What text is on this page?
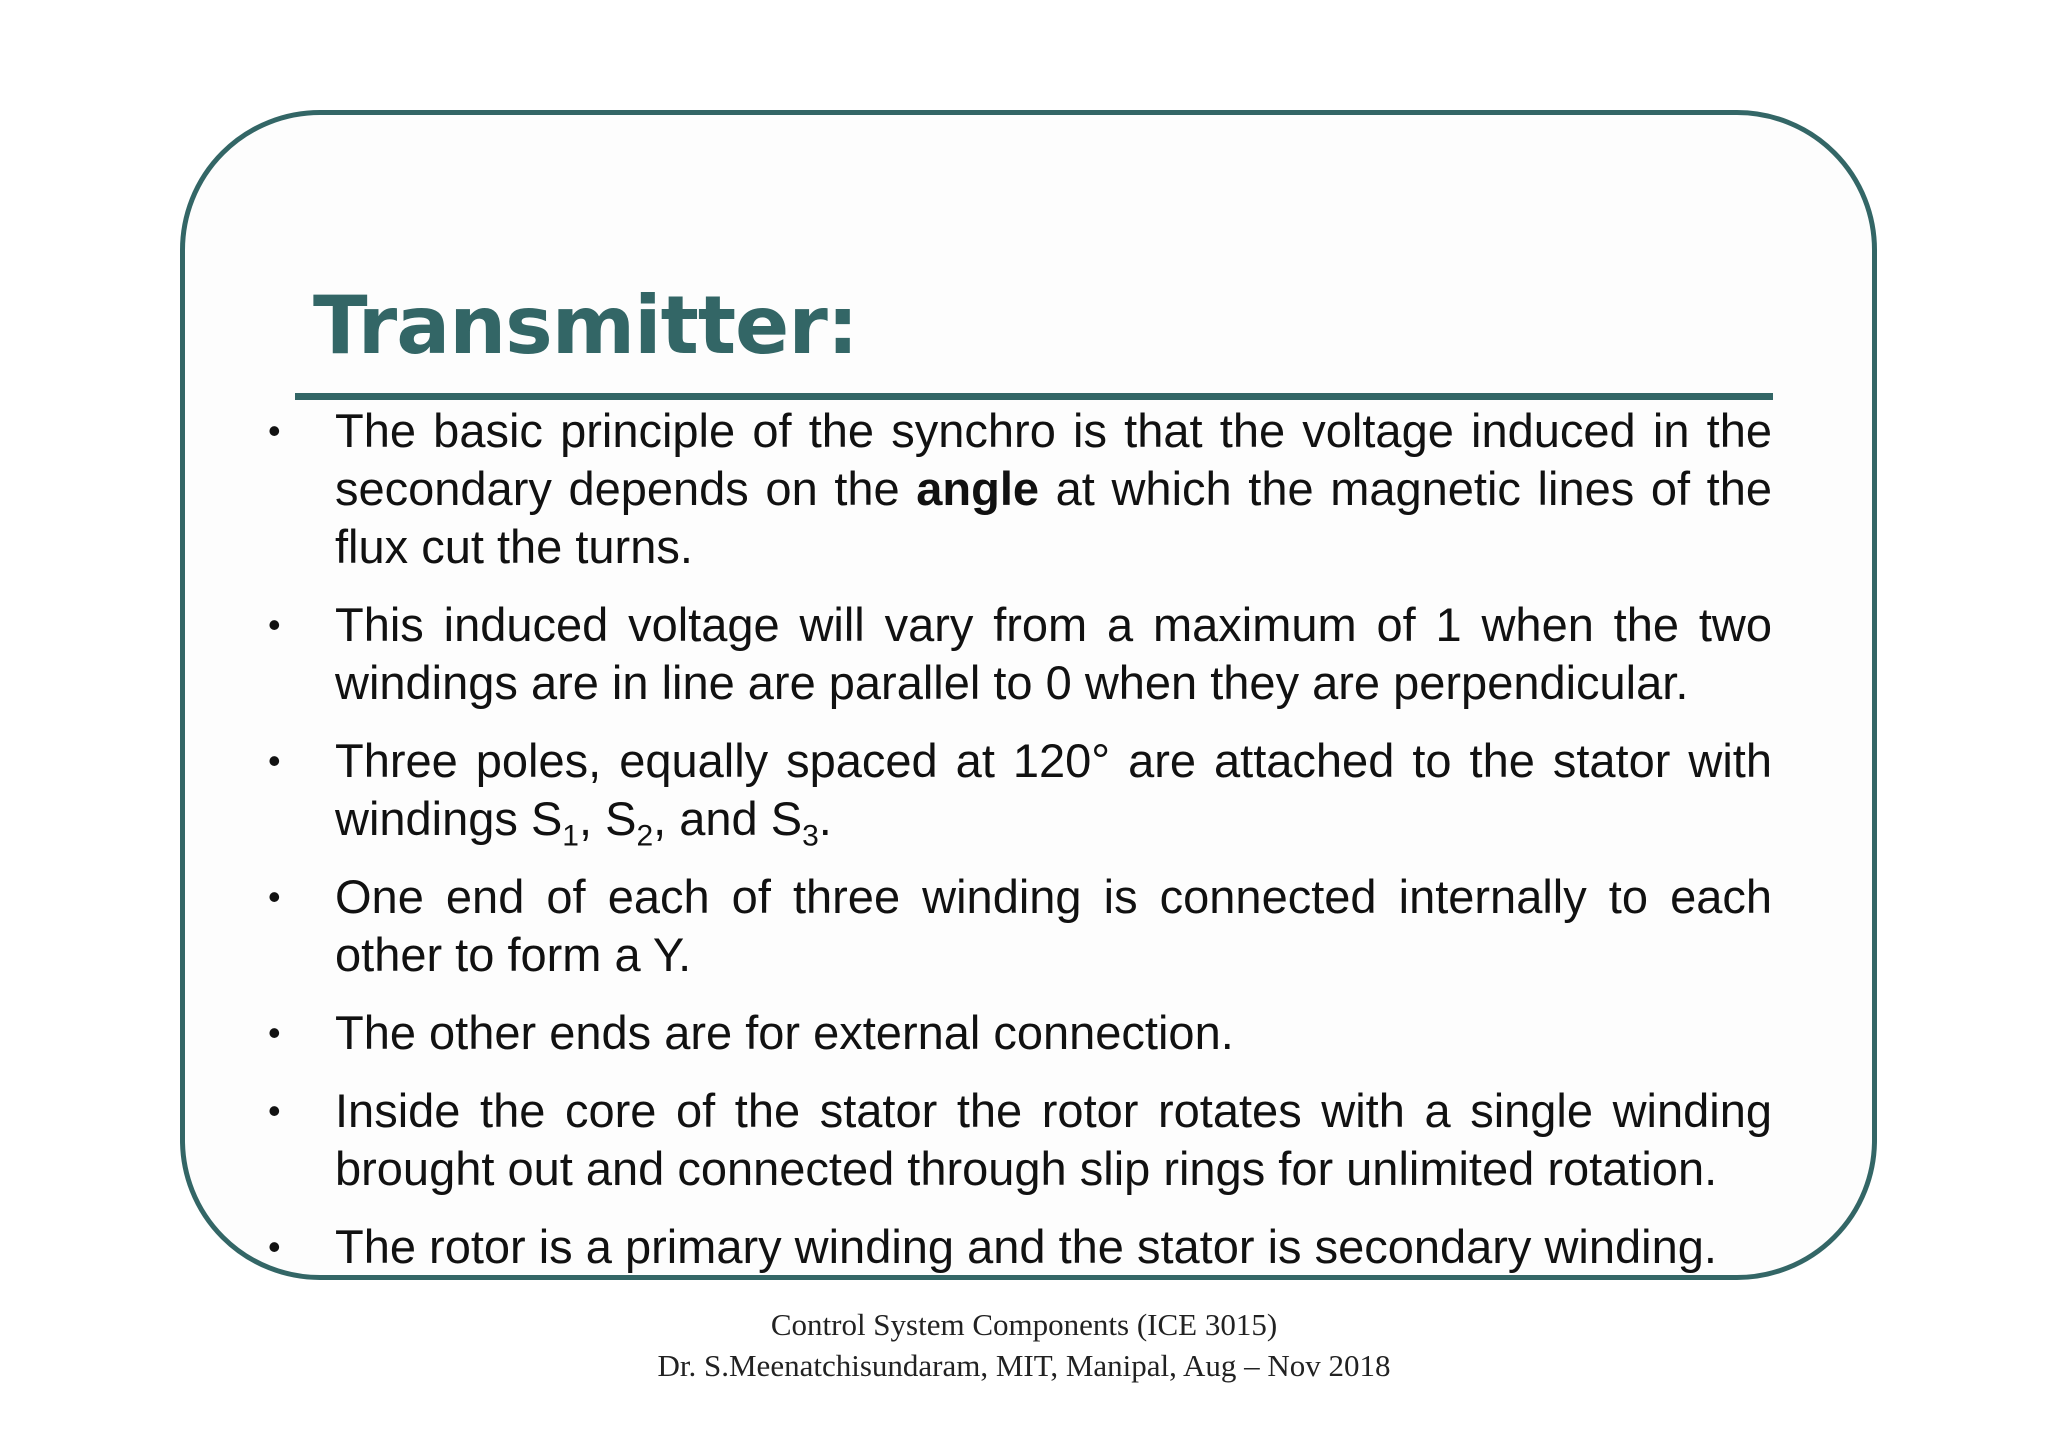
Transmitter:
• The basic principle of the synchro is that the voltage induced in the secondary depends on the angle at which the magnetic lines of the flux cut the turns.
• This induced voltage will vary from a maximum of 1 when the two windings are in line are parallel to 0 when they are perpendicular.
• Three poles, equally spaced at 120° are attached to the stator with windings $S_1$, $S_2$, and $S_3$.
• One end of each of three winding is connected internally to each other to form a Y.
• The other ends are for external connection.
• Inside the core of the stator the rotor rotates with a single winding brought out and connected through slip rings for unlimited rotation.
• The rotor is a primary winding and the stator is secondary winding.
Control System Components (ICE 3015)
Dr. S.Meenatchisundaram, MIT, Manipal, Aug – Nov 2018
